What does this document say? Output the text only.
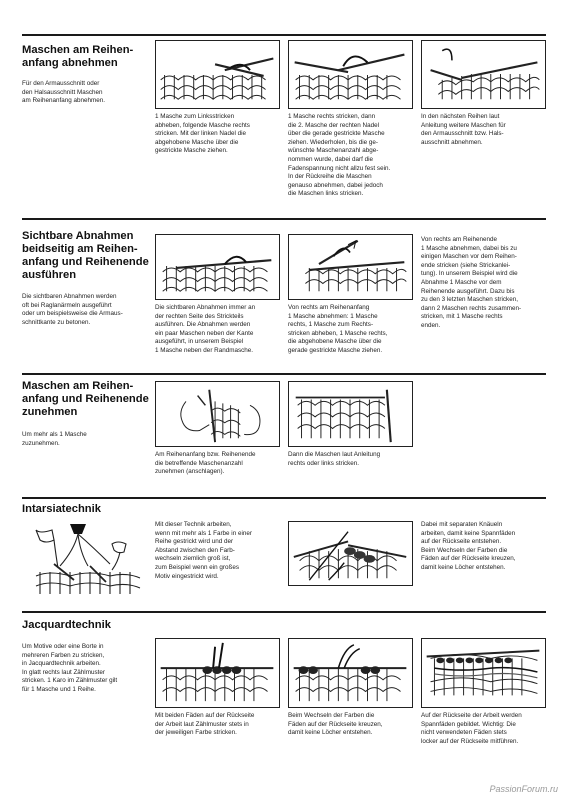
Maschen am Reihen-
anfang abnehmen
Für den Armausschnitt oder
den Halsausschnitt Maschen
am Reihenanfang abnehmen.
1 Masche zum Linksstricken
abheben, folgende Masche rechts
stricken. Mit der linken Nadel die
abgehobene Masche über die
gestrickte Masche ziehen.
1 Masche rechts stricken, dann
die 2. Masche der rechten Nadel
über die gerade gestrickte Masche
ziehen. Wiederholen, bis die ge-
wünschte Maschenanzahl abge-
nommen wurde, dabei darf die
Fadenspannung nicht allzu fest sein.
In der Rückreihe die Maschen
genauso abnehmen, dabei jedoch
die Maschen links stricken.
In den nächsten Reihen laut
Anleitung weitere Maschen für
den Armausschnitt bzw. Hals-
ausschnitt abnehmen.
Sichtbare Abnahmen
beidseitig am Reihen-
anfang und Reihenende
ausführen
Die sichtbaren Abnahmen werden
oft bei Raglanärmeln ausgeführt
oder um beispielsweise die Armaus-
schnittkante zu betonen.
Die sichtbaren Abnahmen immer an
der rechten Seite des Strickteils
ausführen. Die Abnahmen werden
ein paar Maschen neben der Kante
ausgeführt, in unserem Beispiel
1 Masche neben der Randmasche.
Von rechts am Reihenanfang
1 Masche abnehmen: 1 Masche
rechts, 1 Masche zum Rechts-
stricken abheben, 1 Masche rechts,
die abgehobene Masche über die
gerade gestrickte Masche ziehen.
Von rechts am Reihenende
1 Masche abnehmen, dabei bis zu
einigen Maschen vor dem Reihen-
ende stricken (siehe Strickanlei-
tung). In unserem Beispiel wird die
Abnahme 1 Masche vor dem
Reihenende ausgeführt. Dazu bis
zu den 3 letzten Maschen stricken,
dann 2 Maschen rechts zusammen-
stricken, mit 1 Masche rechts
enden.
Maschen am Reihen-
anfang und Reihenende
zunehmen
Um mehr als 1 Masche
zuzunehmen.
Am Reihenanfang bzw. Reihenende
die betreffende Maschenanzahl
zunehmen (anschlagen).
Dann die Maschen laut Anleitung
rechts oder links stricken.
Intarsiatechnik
Mit dieser Technik arbeiten,
wenn mit mehr als 1 Farbe in einer
Reihe gestrickt wird und der
Abstand zwischen den Farb-
wechseln ziemlich groß ist,
zum Beispiel wenn ein großes
Motiv eingestrickt wird.
Dabei mit separaten Knäueln
arbeiten, damit keine Spannfäden
auf der Rückseite entstehen.
Beim Wechseln der Farben die
Fäden auf der Rückseite kreuzen,
damit keine Löcher entstehen.
Jacquardtechnik
Um Motive oder eine Borte in
mehreren Farben zu stricken,
in Jacquardtechnik arbeiten.
In glatt rechts laut Zählmuster
stricken. 1 Karo im Zählmuster gilt
für 1 Masche und 1 Reihe.
Mit beiden Fäden auf der Rückseite
der Arbeit laut Zählmuster stets in
der jeweiligen Farbe stricken.
Beim Wechseln der Farben die
Fäden auf der Rückseite kreuzen,
damit keine Löcher entstehen.
Auf der Rückseite der Arbeit werden
Spannfäden gebildet. Wichtig: Die
nicht verwendeten Fäden stets
locker auf der Rückseite mitführen.
PassionForum.ru
